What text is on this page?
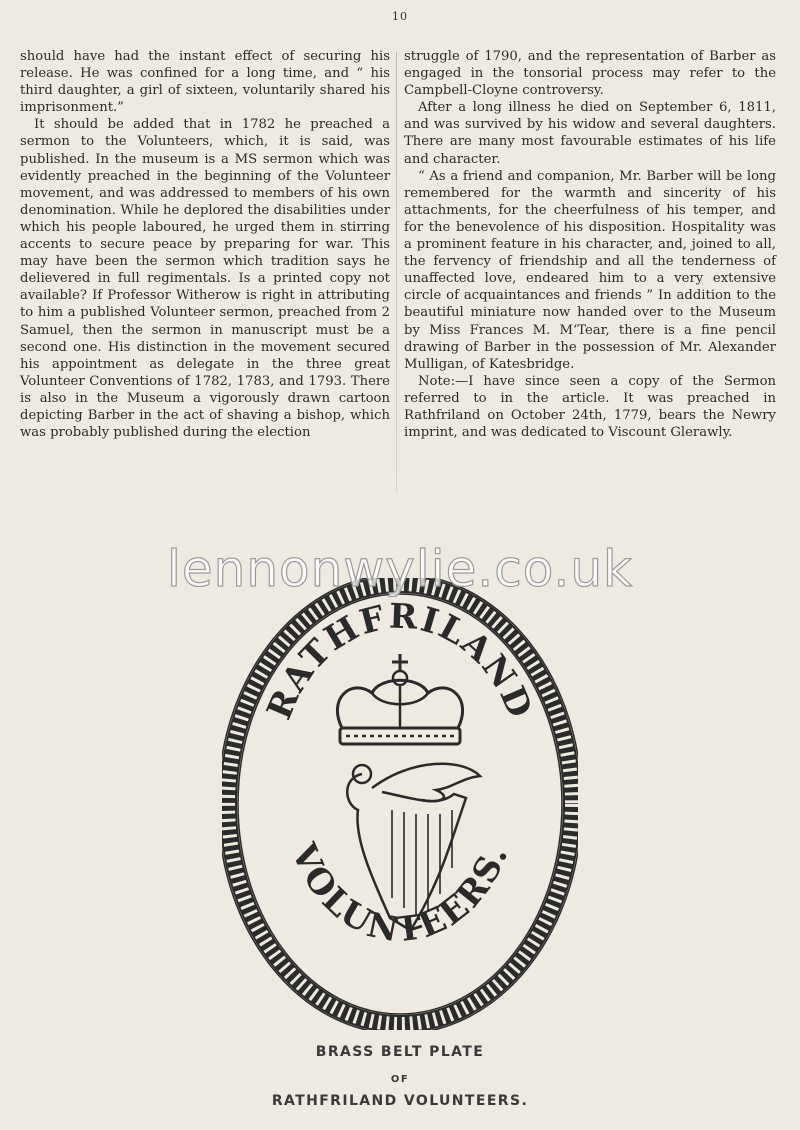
10

should have had the instant effect of securing his release. He was confined for a long time, and “ his third daughter, a girl of sixteen, voluntarily shared his imprisonment.”

It should be added that in 1782 he preached a sermon to the Volunteers, which, it is said, was published. In the museum is a MS sermon which was evidently preached in the beginning of the Volunteer movement, and was addressed to members of his own denomination. While he deplored the disabilities under which his people laboured, he urged them in stirring accents to secure peace by preparing for war. This may have been the sermon which tradition says he delievered in full regimentals. Is a printed copy not available? If Professor Witherow is right in attributing to him a published Volunteer sermon, preached from 2 Samuel, then the sermon in manuscript must be a second one. His distinction in the movement secured his appointment as delegate in the three great Volunteer Conventions of 1782, 1783, and 1793. There is also in the Museum a vigorously drawn cartoon depicting Barber in the act of shaving a bishop, which was probably published during the election

struggle of 1790, and the representation of Barber as engaged in the tonsorial process may refer to the Campbell-Cloyne controversy.

After a long illness he died on September 6, 1811, and was survived by his widow and several daughters. There are many most favourable estimates of his life and character.

“ As a friend and companion, Mr. Barber will be long remembered for the warmth and sincerity of his attachments, for the cheerfulness of his temper, and for the benevolence of his disposition. Hospitality was a prominent feature in his character, and, joined to all, the fervency of friendship and all the tenderness of unaffected love, endeared him to a very extensive circle of acquaintances and friends ” In addition to the beautiful miniature now handed over to the Museum by Miss Frances M. M‘Tear, there is a fine pencil drawing of Barber in the possession of Mr. Alexander Mulligan, of Katesbridge.

Note:—I have since seen a copy of the Sermon referred to in the article. It was preached in Rathfriland on October 24th, 1779, bears the Newry imprint, and was dedicated to Viscount Glerawly.

RATHFRILAND
VOLUNTEERS.
BRASS BELT PLATE
OF
RATHFRILAND VOLUNTEERS.
lennonwylie.co.uk
